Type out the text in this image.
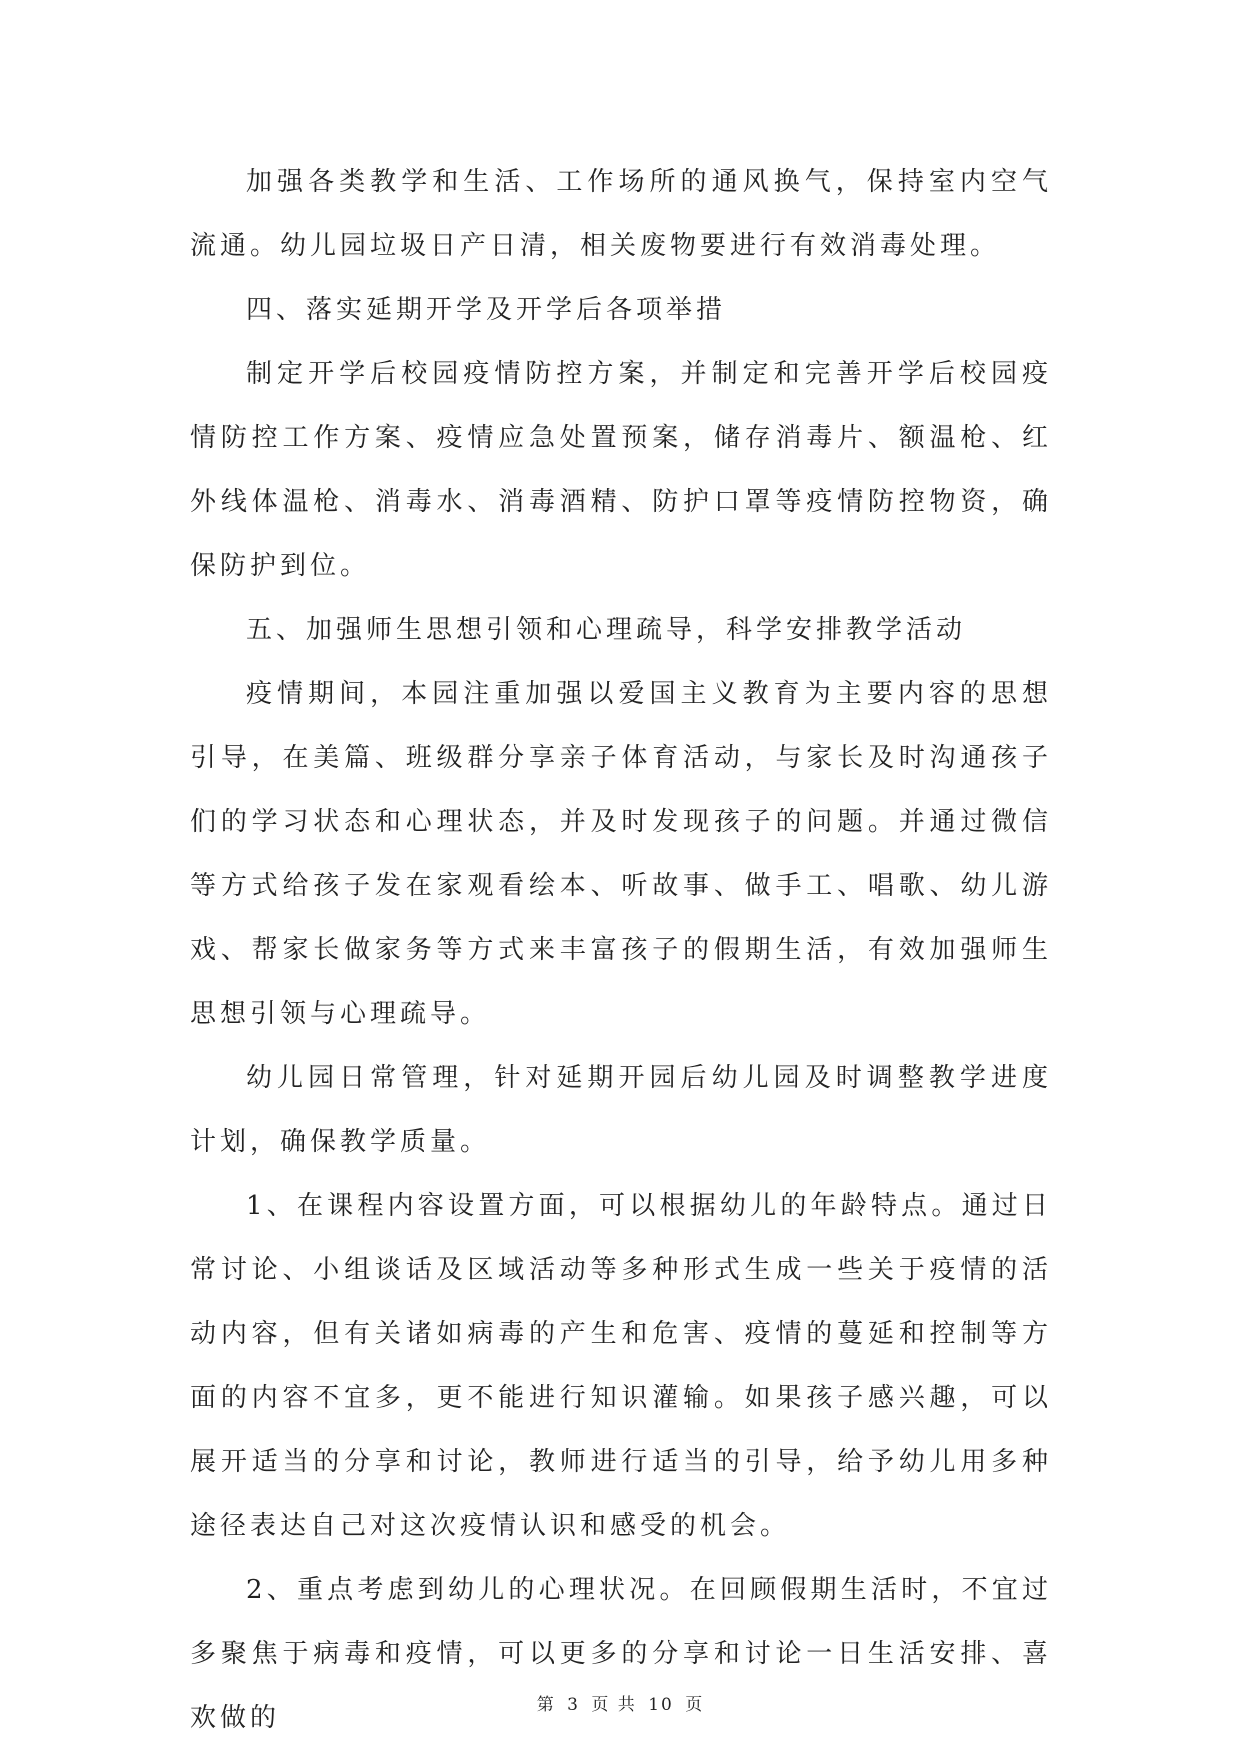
加强各类教学和生活、工作场所的通风换气，保持室内空气流通。幼儿园垃圾日产日清，相关废物要进行有效消毒处理。

四、落实延期开学及开学后各项举措

制定开学后校园疫情防控方案，并制定和完善开学后校园疫情防控工作方案、疫情应急处置预案，储存消毒片、额温枪、红外线体温枪、消毒水、消毒酒精、防护口罩等疫情防控物资，确保防护到位。

五、加强师生思想引领和心理疏导，科学安排教学活动

疫情期间，本园注重加强以爱国主义教育为主要内容的思想引导，在美篇、班级群分享亲子体育活动，与家长及时沟通孩子们的学习状态和心理状态，并及时发现孩子的问题。并通过微信等方式给孩子发在家观看绘本、听故事、做手工、唱歌、幼儿游戏、帮家长做家务等方式来丰富孩子的假期生活，有效加强师生思想引领与心理疏导。

幼儿园日常管理，针对延期开园后幼儿园及时调整教学进度计划，确保教学质量。

1、在课程内容设置方面，可以根据幼儿的年龄特点。通过日常讨论、小组谈话及区域活动等多种形式生成一些关于疫情的活动内容，但有关诸如病毒的产生和危害、疫情的蔓延和控制等方面的内容不宜多，更不能进行知识灌输。如果孩子感兴趣，可以展开适当的分享和讨论，教师进行适当的引导，给予幼儿用多种途径表达自己对这次疫情认识和感受的机会。

2、重点考虑到幼儿的心理状况。在回顾假期生活时，不宜过多聚焦于病毒和疫情，可以更多的分享和讨论一日生活安排、喜欢做的	第 3 页 共 10 页
